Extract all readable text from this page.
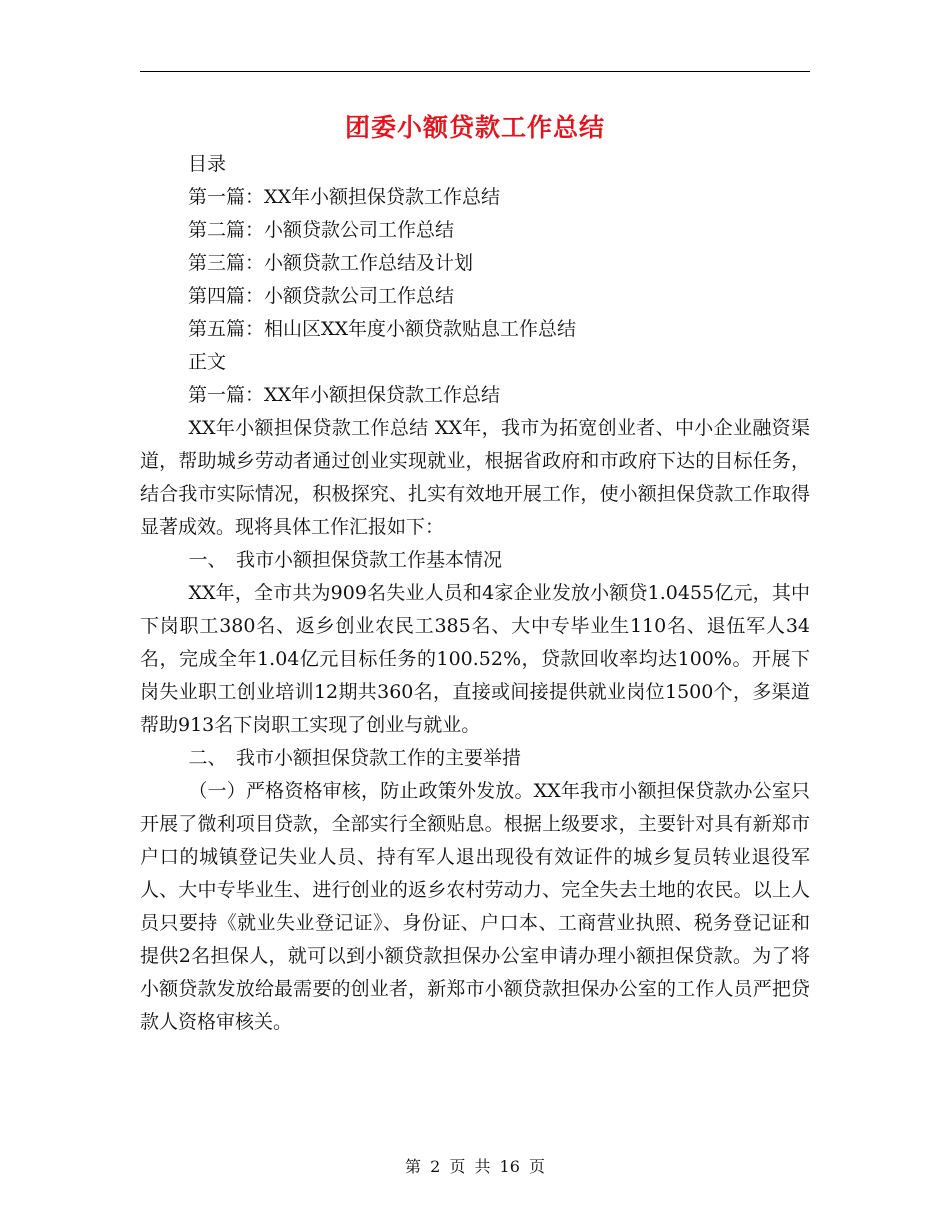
团委小额贷款工作总结

目录

第一篇：XX年小额担保贷款工作总结
第二篇：小额贷款公司工作总结
第三篇：小额贷款工作总结及计划
第四篇：小额贷款公司工作总结
第五篇：相山区XX年度小额贷款贴息工作总结

正文

第一篇：XX年小额担保贷款工作总结

XX年小额担保贷款工作总结 XX年，我市为拓宽创业者、中小企业融资渠道，帮助城乡劳动者通过创业实现就业，根据省政府和市政府下达的目标任务，结合我市实际情况，积极探究、扎实有效地开展工作，使小额担保贷款工作取得显著成效。现将具体工作汇报如下：

一、　我市小额担保贷款工作基本情况

XX年，全市共为909名失业人员和4家企业发放小额贷1.0455亿元，其中下岗职工380名、返乡创业农民工385名、大中专毕业生110名、退伍军人34名，完成全年1.04亿元目标任务的100.52%，贷款回收率均达100%。开展下岗失业职工创业培训12期共360名，直接或间接提供就业岗位1500个，多渠道帮助913名下岗职工实现了创业与就业。

二、　我市小额担保贷款工作的主要举措

（一）严格资格审核，防止政策外发放。XX年我市小额担保贷款办公室只开展了微利项目贷款，全部实行全额贴息。根据上级要求，主要针对具有新郑市户口的城镇登记失业人员、持有军人退出现役有效证件的城乡复员转业退役军人、大中专毕业生、进行创业的返乡农村劳动力、完全失去土地的农民。以上人员只要持《就业失业登记证》、身份证、户口本、工商营业执照、税务登记证和提供2名担保人，就可以到小额贷款担保办公室申请办理小额担保贷款。为了将小额贷款发放给最需要的创业者，新郑市小额贷款担保办公室的工作人员严把贷款人资格审核关。

第 2 页 共 16 页
